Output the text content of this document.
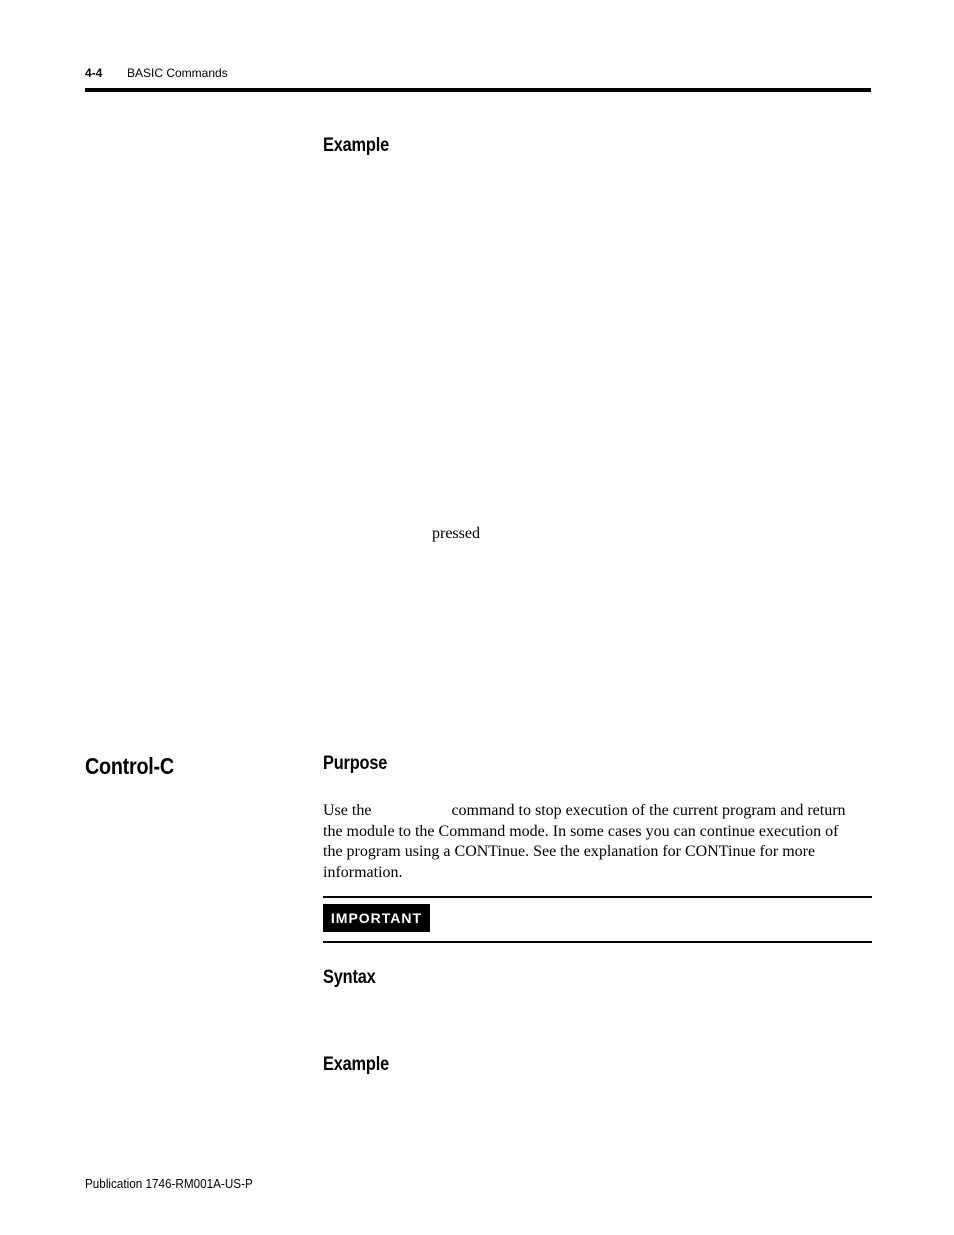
4-4 BASIC Commands
Example
pressed
Control-C	Purpose
Use the	command to stop execution of the current program and return
the module to the Command mode. In some cases you can continue execution of
the program using a CONTinue. See the explanation for CONTinue for more
information.
IMPORTANT
Syntax
Example
Publication 1746-RM001A-US-P
